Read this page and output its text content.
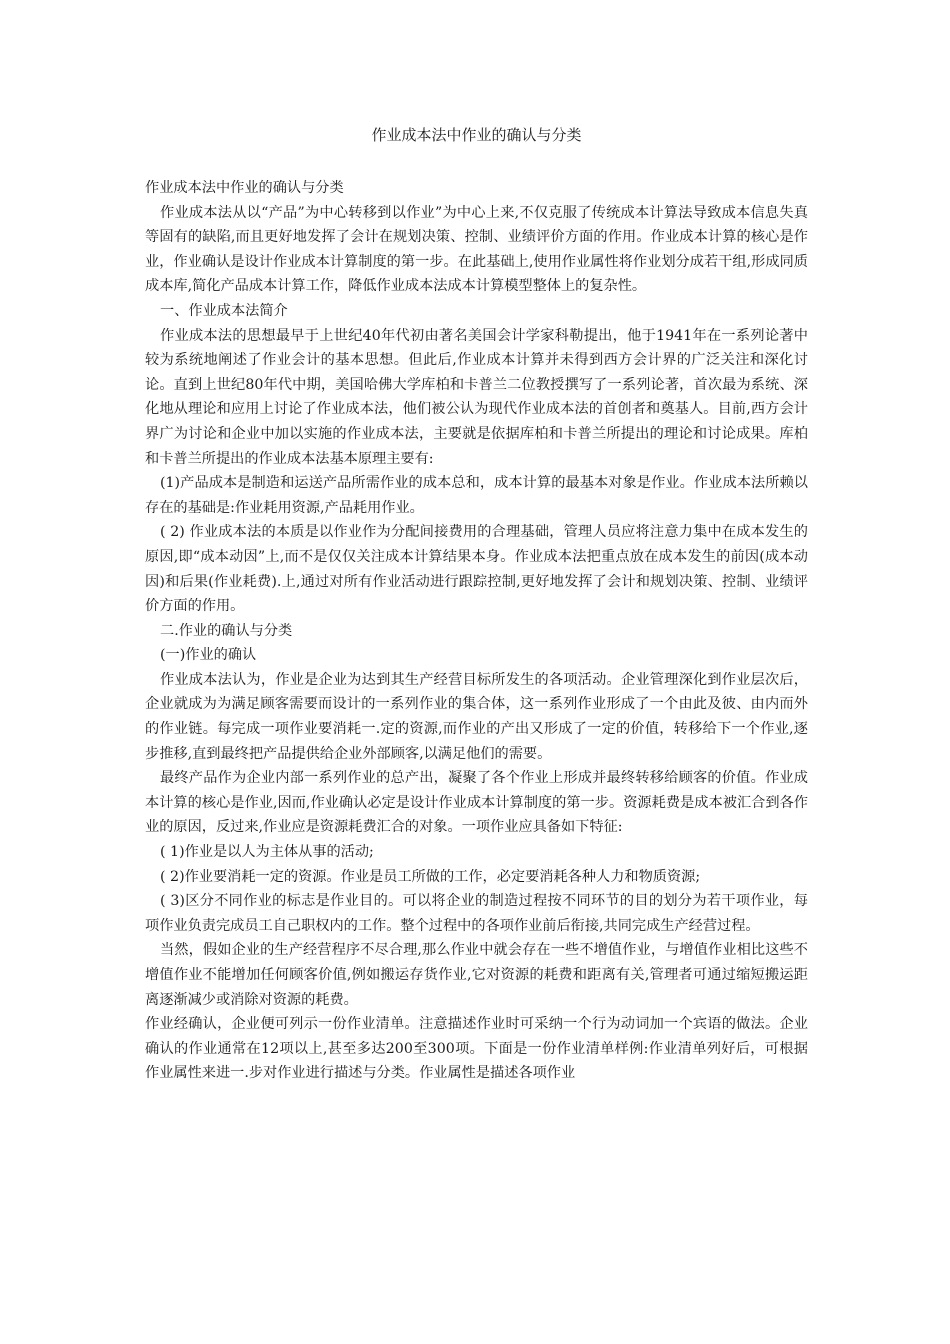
作业成本法中作业的确认与分类

作业成本法中作业的确认与分类

作业成本法从以“产品”为中心转移到以作业”为中心上来,不仅克服了传统成本计算法导致成本信息失真等固有的缺陷,而且更好地发挥了会计在规划决策、控制、业绩评价方面的作用。作业成本计算的核心是作业，作业确认是设计作业成本计算制度的第一步。在此基础上,使用作业属性将作业划分成若干组,形成同质成本库,简化产品成本计算工作，降低作业成本法成本计算模型整体上的复杂性。

一、作业成本法简介

作业成本法的思想最早于上世纪40年代初由著名美国会计学家科勒提出，他于1941年在一系列论著中较为系统地阐述了作业会计的基本思想。但此后,作业成本计算并未得到西方会计界的广泛关注和深化讨论。直到上世纪80年代中期，美国哈佛大学库柏和卡普兰二位教授撰写了一系列论著，首次最为系统、深化地从理论和应用上讨论了作业成本法，他们被公认为现代作业成本法的首创者和奠基人。目前,西方会计界广为讨论和企业中加以实施的作业成本法，主要就是依据库柏和卡普兰所提出的理论和讨论成果。库柏和卡普兰所提出的作业成本法基本原理主要有:

(1)产品成本是制造和运送产品所需作业的成本总和，成本计算的最基本对象是作业。作业成本法所赖以存在的基础是:作业耗用资源,产品耗用作业。

( 2) 作业成本法的本质是以作业作为分配间接费用的合理基础，管理人员应将注意力集中在成本发生的原因,即“成本动因”上,而不是仅仅关注成本计算结果本身。作业成本法把重点放在成本发生的前因(成本动因)和后果(作业耗费).上,通过对所有作业活动进行跟踪控制,更好地发挥了会计和规划决策、控制、业绩评价方面的作用。

二.作业的确认与分类

(一)作业的确认

作业成本法认为，作业是企业为达到其生产经营目标所发生的各项活动。企业管理深化到作业层次后，企业就成为为满足顾客需要而设计的一系列作业的集合体，这一系列作业形成了一个由此及彼、由内而外的作业链。每完成一项作业要消耗一.定的资源,而作业的产出又形成了一定的价值，转移给下一个作业,逐步推移,直到最终把产品提供给企业外部顾客,以满足他们的需要。

最终产品作为企业内部一系列作业的总产出，凝聚了各个作业上形成并最终转移给顾客的价值。作业成本计算的核心是作业,因而,作业确认必定是设计作业成本计算制度的第一步。资源耗费是成本被汇合到各作业的原因，反过来,作业应是资源耗费汇合的对象。一项作业应具备如下特征:

( 1)作业是以人为主体从事的活动;

( 2)作业要消耗一定的资源。作业是员工所做的工作，必定要消耗各种人力和物质资源;

( 3)区分不同作业的标志是作业目的。可以将企业的制造过程按不同环节的目的划分为若干项作业，每项作业负责完成员工自己职权内的工作。整个过程中的各项作业前后衔接,共同完成生产经营过程。

当然，假如企业的生产经营程序不尽合理,那么作业中就会存在一些不增值作业，与增值作业相比这些不增值作业不能增加任何顾客价值,例如搬运存货作业,它对资源的耗费和距离有关,管理者可通过缩短搬运距离逐渐减少或消除对资源的耗费。

作业经确认，企业便可列示一份作业清单。注意描述作业时可采纳一个行为动词加一个宾语的做法。企业确认的作业通常在12项以上,甚至多达200至300项。下面是一份作业清单样例:作业清单列好后，可根据作业属性来进一.步对作业进行描述与分类。作业属性是描述各项作业
